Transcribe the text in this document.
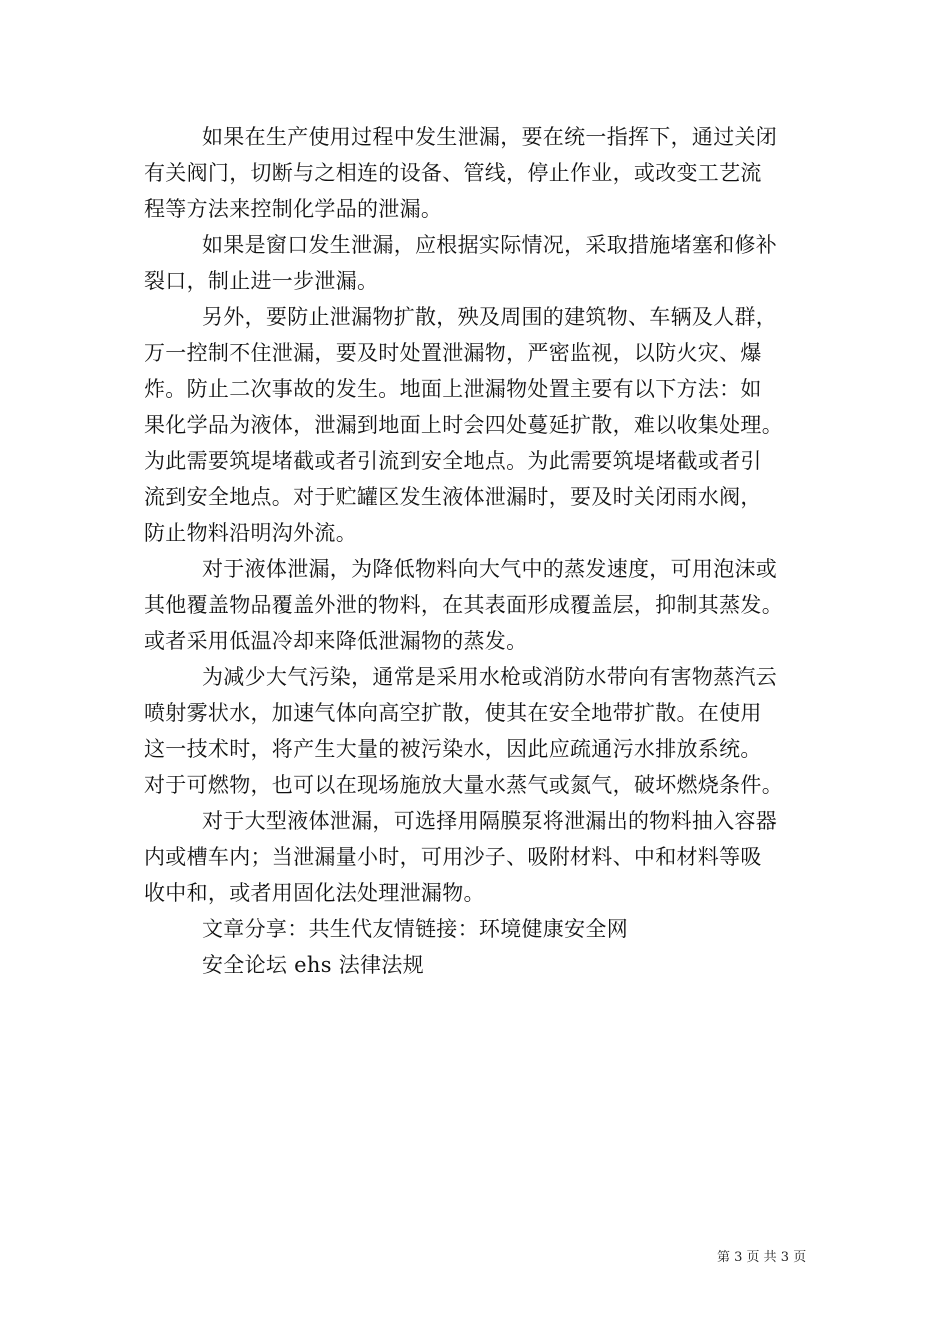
如果在生产使用过程中发生泄漏，要在统一指挥下，通过关闭
有关阀门，切断与之相连的设备、管线，停止作业，或改变工艺流
程等方法来控制化学品的泄漏。
如果是窗口发生泄漏，应根据实际情况，采取措施堵塞和修补
裂口，制止进一步泄漏。
另外，要防止泄漏物扩散，殃及周围的建筑物、车辆及人群，
万一控制不住泄漏，要及时处置泄漏物，严密监视，以防火灾、爆
炸。防止二次事故的发生。地面上泄漏物处置主要有以下方法：如
果化学品为液体，泄漏到地面上时会四处蔓延扩散，难以收集处理。
为此需要筑堤堵截或者引流到安全地点。为此需要筑堤堵截或者引
流到安全地点。对于贮罐区发生液体泄漏时，要及时关闭雨水阀，
防止物料沿明沟外流。
对于液体泄漏，为降低物料向大气中的蒸发速度，可用泡沫或
其他覆盖物品覆盖外泄的物料，在其表面形成覆盖层，抑制其蒸发。
或者采用低温冷却来降低泄漏物的蒸发。
为减少大气污染，通常是采用水枪或消防水带向有害物蒸汽云
喷射雾状水，加速气体向高空扩散，使其在安全地带扩散。在使用
这一技术时，将产生大量的被污染水，因此应疏通污水排放系统。
对于可燃物，也可以在现场施放大量水蒸气或氮气，破坏燃烧条件。
对于大型液体泄漏，可选择用隔膜泵将泄漏出的物料抽入容器
内或槽车内；当泄漏量小时，可用沙子、吸附材料、中和材料等吸
收中和，或者用固化法处理泄漏物。
文章分享：共生代友情链接：环境健康安全网
安全论坛 ehs 法律法规
第 3 页 共 3 页
